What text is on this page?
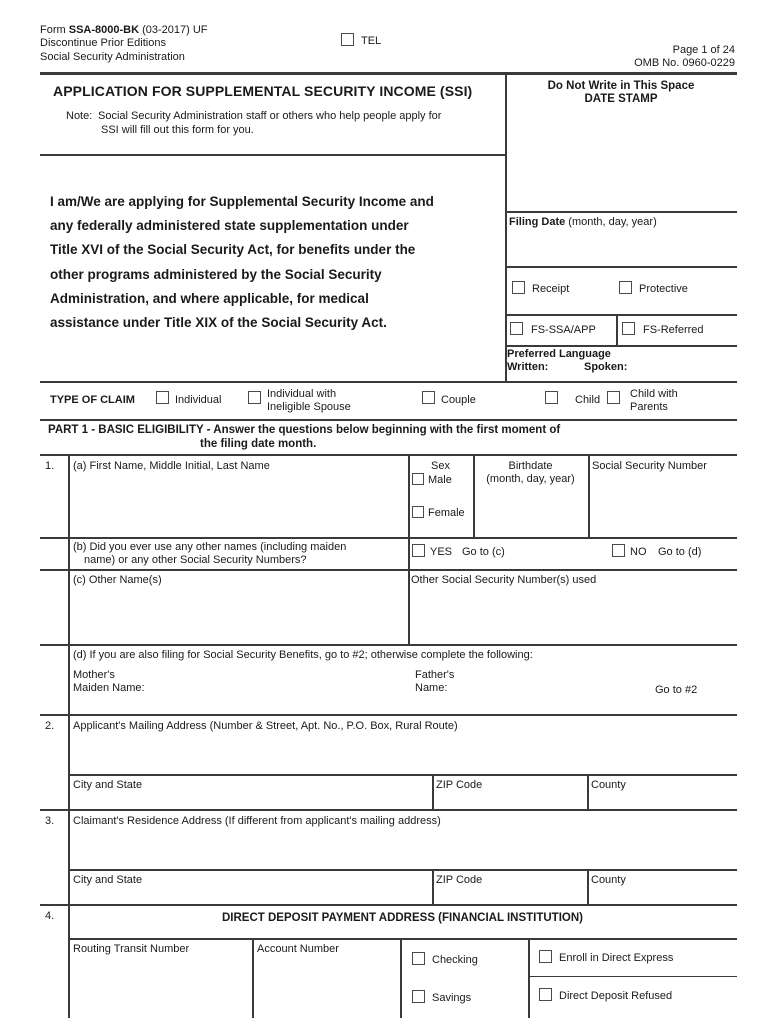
Form SSA-8000-BK (03-2017) UF
Discontinue Prior Editions
Social Security Administration
TEL
Page 1 of 24
OMB No. 0960-0229
APPLICATION FOR SUPPLEMENTAL SECURITY INCOME (SSI)
Note: Social Security Administration staff or others who help people apply for
SSI will fill out this form for you.
I am/We are applying for Supplemental Security Income and
any federally administered state supplementation under
Title XVI of the Social Security Act, for benefits under the
other programs administered by the Social Security
Administration, and where applicable, for medical
assistance under Title XIX of the Social Security Act.
Do Not Write in This Space
DATE STAMP
Filing Date (month, day, year)
Receipt	Protective
FS-SSA/APP	FS-Referred
Preferred Language
Written:	Spoken:
TYPE OF CLAIM	Individual	Individual with
Ineligible Spouse
Couple	Child	Child with
Parents
PART 1 - BASIC ELIGIBILITY - Answer the questions below beginning with the first moment of
the filing date month.
1. (a) First Name, Middle Initial, Last Name	Sex
Male
Female
Birthdate
(month, day, year)
Social Security Number
(b) Did you ever use any other names (including maiden
name) or any other Social Security Numbers?
YES Go to (c)	NO Go to (d)
(c) Other Name(s)	Other Social Security Number(s) used
(d) If you are also filing for Social Security Benefits, go to #2; otherwise complete the following:
Mother's
Maiden Name:
Father's
Name:	Go to #2
2. Applicant's Mailing Address (Number & Street, Apt. No., P.O. Box, Rural Route)
City and State	ZIP Code	County
3. Claimant's Residence Address (If different from applicant's mailing address)
City and State	ZIP Code	County
4.	DIRECT DEPOSIT PAYMENT ADDRESS (FINANCIAL INSTITUTION)
Routing Transit Number	Account Number
Checking
Savings
Enroll in Direct Express
Direct Deposit Refused
